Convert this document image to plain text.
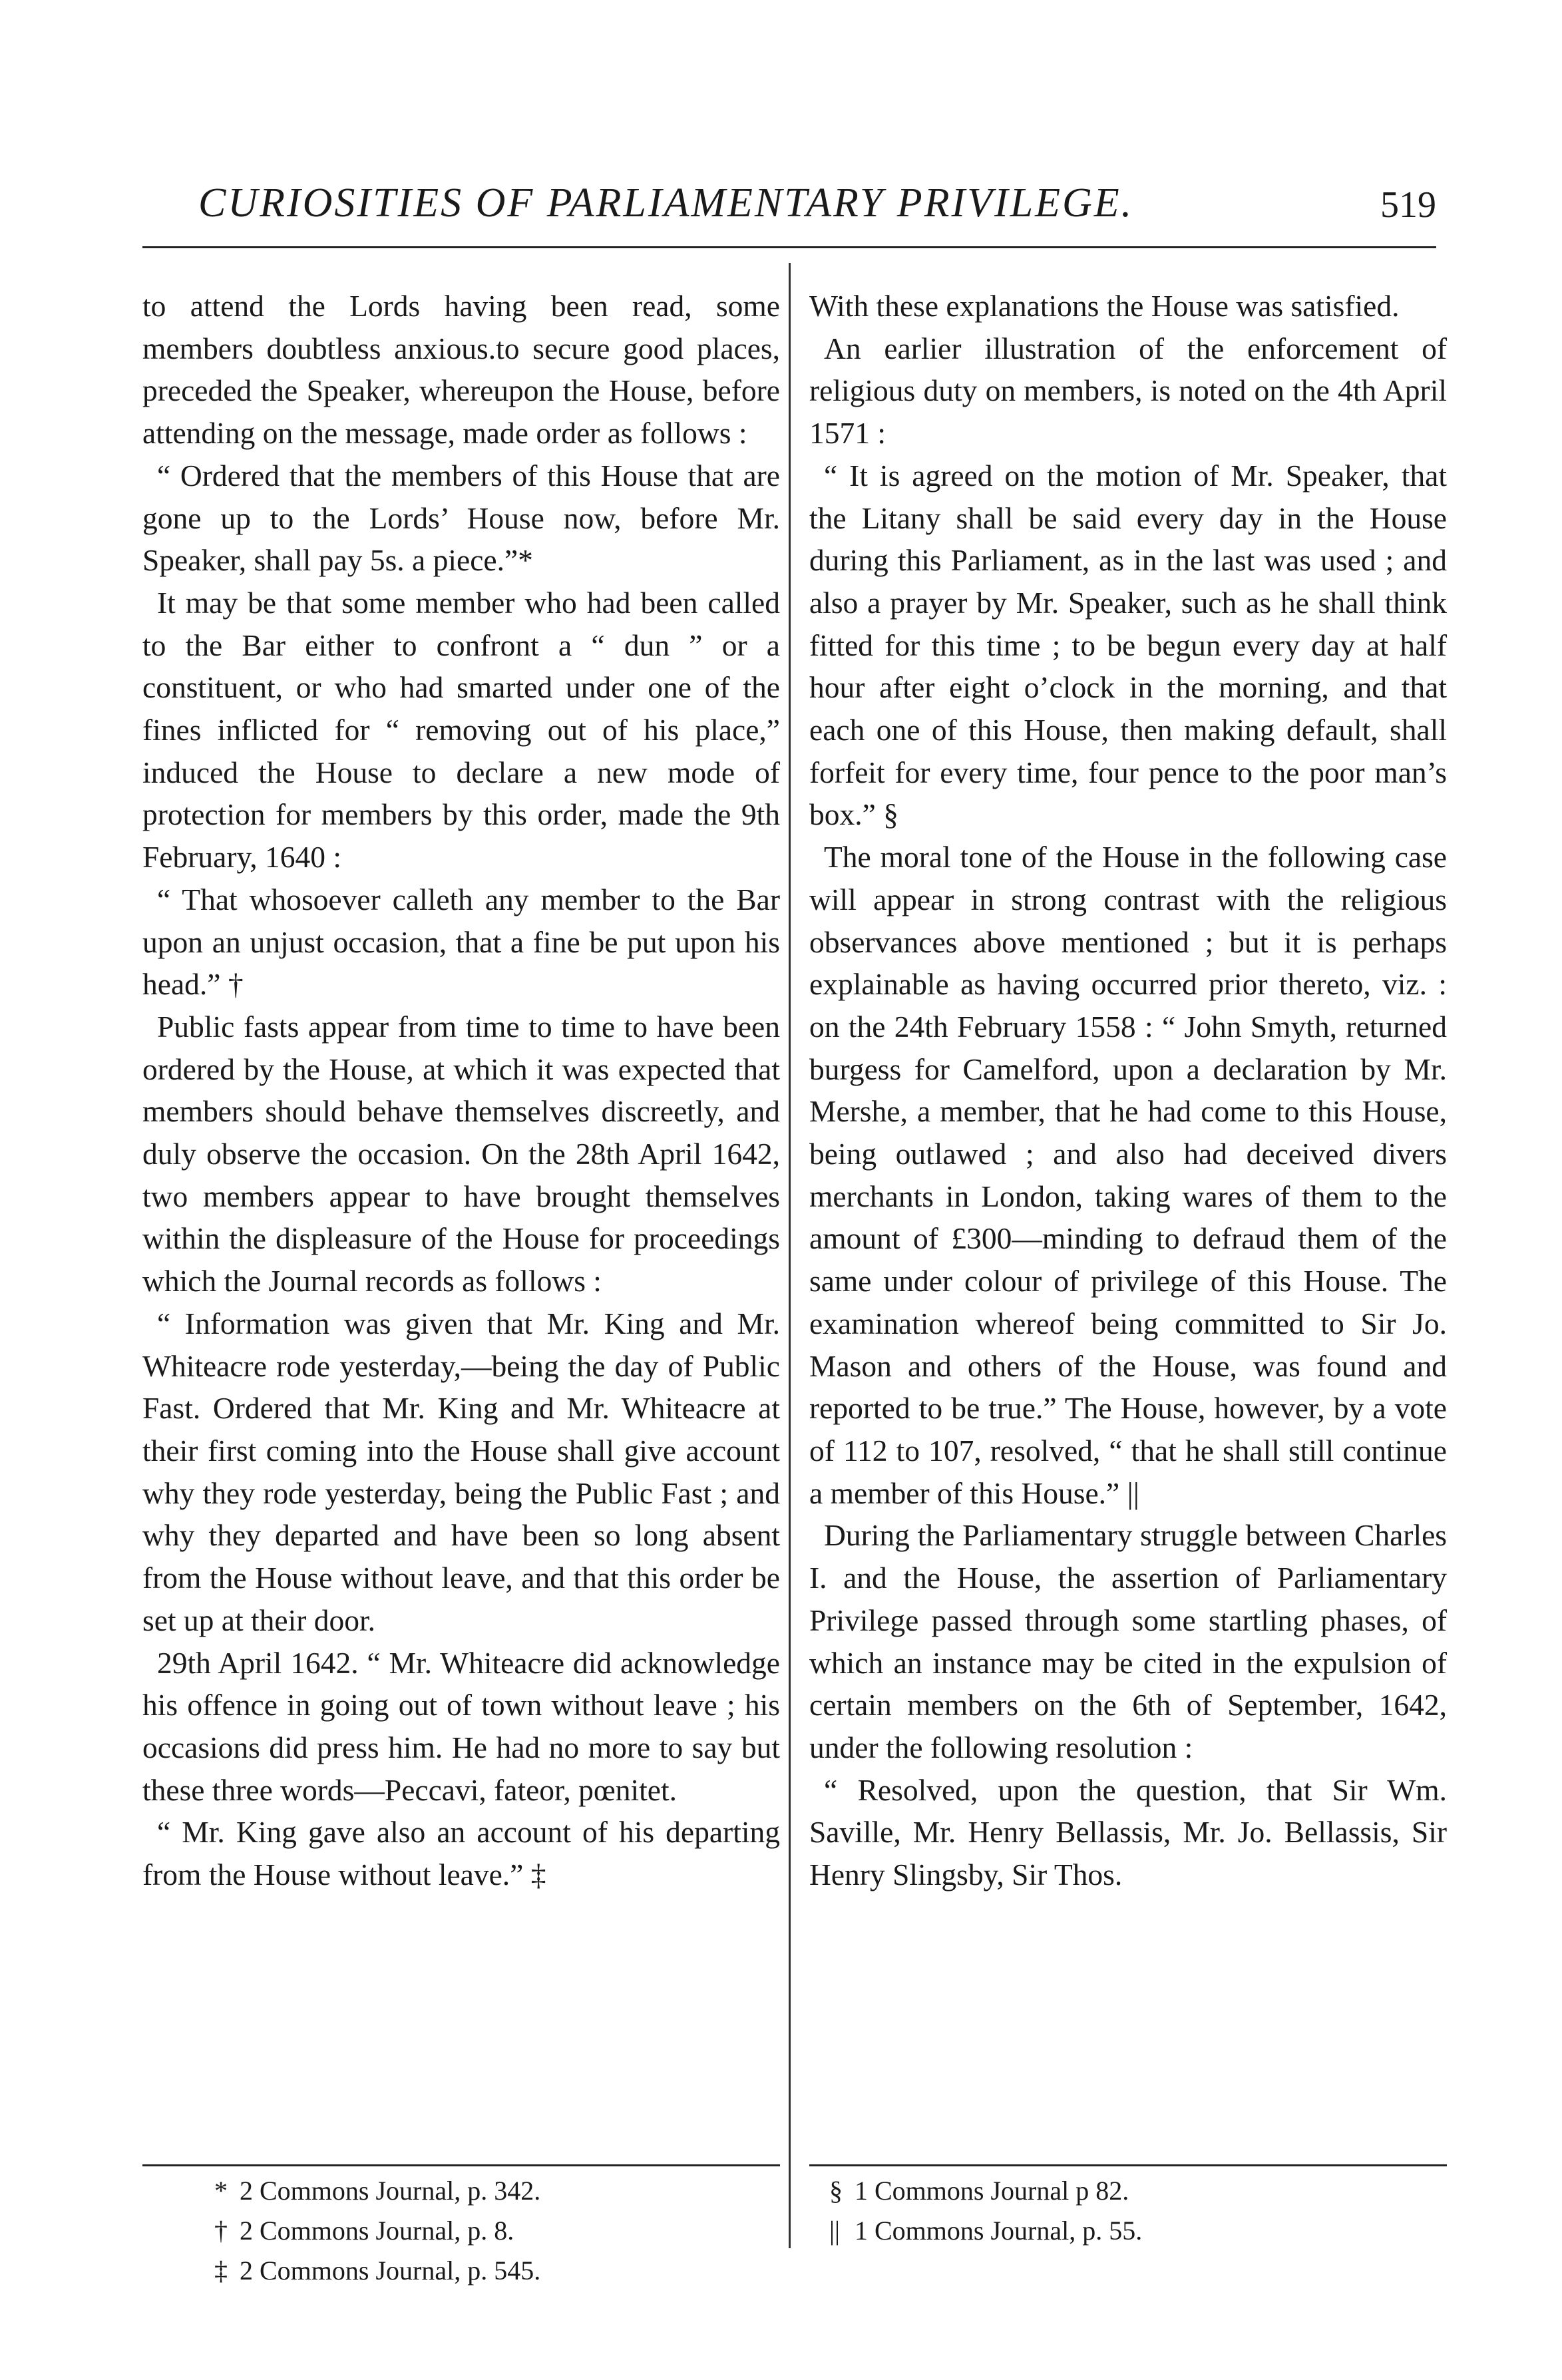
CURIOSITIES OF PARLIAMENTARY PRIVILEGE.	519

to attend the Lords having been read, some members doubtless anxious.to secure good places, preceded the Speaker, whereupon the House, before attending on the message, made order as follows :

“ Ordered that the members of this House that are gone up to the Lords’ House now, before Mr. Speaker, shall pay 5s. a piece.”*

It may be that some member who had been called to the Bar either to confront a “ dun ” or a constituent, or who had smarted under one of the fines inflicted for “ removing out of his place,” induced the House to declare a new mode of protection for members by this order, made the 9th February, 1640 :

“ That whosoever calleth any member to the Bar upon an unjust occasion, that a fine be put upon his head.” †

Public fasts appear from time to time to have been ordered by the House, at which it was expected that members should behave themselves discreetly, and duly observe the occasion. On the 28th April 1642, two members appear to have brought themselves within the displeasure of the House for proceedings which the Journal records as follows :

“ Information was given that Mr. King and Mr. Whiteacre rode yesterday,—being the day of Public Fast. Ordered that Mr. King and Mr. Whiteacre at their first coming into the House shall give account why they rode yesterday, being the Public Fast ; and why they departed and have been so long absent from the House without leave, and that this order be set up at their door.

29th April 1642. “ Mr. Whiteacre did acknowledge his offence in going out of town without leave ; his occasions did press him. He had no more to say but these three words—Peccavi, fateor, pœnitet.

“ Mr. King gave also an account of his departing from the House without leave.” ‡

With these explanations the House was satisfied.

An earlier illustration of the enforcement of religious duty on members, is noted on the 4th April 1571 :

“ It is agreed on the motion of Mr. Speaker, that the Litany shall be said every day in the House during this Parliament, as in the last was used ; and also a prayer by Mr. Speaker, such as he shall think fitted for this time ; to be begun every day at half hour after eight o’clock in the morning, and that each one of this House, then making default, shall forfeit for every time, four pence to the poor man’s box.” §

The moral tone of the House in the following case will appear in strong contrast with the religious observances above mentioned ; but it is perhaps explainable as having occurred prior thereto, viz. : on the 24th February 1558 : “ John Smyth, returned burgess for Camelford, upon a declaration by Mr. Mershe, a member, that he had come to this House, being outlawed ; and also had deceived divers merchants in London, taking wares of them to the amount of £300—minding to defraud them of the same under colour of privilege of this House. The examination whereof being committed to Sir Jo. Mason and others of the House, was found and reported to be true.” The House, however, by a vote of 112 to 107, resolved, “ that he shall still continue a member of this House.” ||

During the Parliamentary struggle between Charles I. and the House, the assertion of Parliamentary Privilege passed through some startling phases, of which an instance may be cited in the expulsion of certain members on the 6th of September, 1642, under the following resolution :

“ Resolved, upon the question, that Sir Wm. Saville, Mr. Henry Bellassis, Mr. Jo. Bellassis, Sir Henry Slingsby, Sir Thos.

* 2 Commons Journal, p. 342.
† 2 Commons Journal, p. 8.
‡ 2 Commons Journal, p. 545.
§ 1 Commons Journal p 82.
|| 1 Commons Journal, p. 55.
